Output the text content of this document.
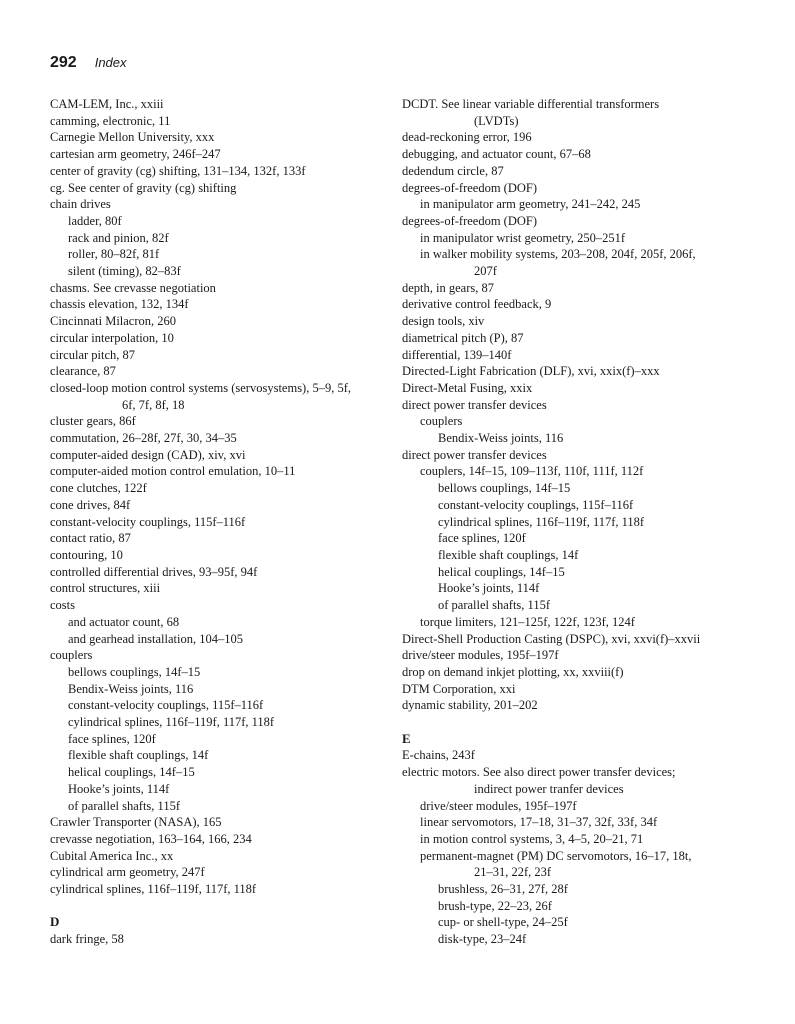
292 Index
CAM-LEM, Inc., xxiii
camming, electronic, 11
Carnegie Mellon University, xxx
cartesian arm geometry, 246f–247
center of gravity (cg) shifting, 131–134, 132f, 133f
cg. See center of gravity (cg) shifting
chain drives
ladder, 80f
rack and pinion, 82f
roller, 80–82f, 81f
silent (timing), 82–83f
chasms. See crevasse negotiation
chassis elevation, 132, 134f
Cincinnati Milacron, 260
circular interpolation, 10
circular pitch, 87
clearance, 87
closed-loop motion control systems (servosystems), 5–9, 5f,
6f, 7f, 8f, 18
cluster gears, 86f
commutation, 26–28f, 27f, 30, 34–35
computer-aided design (CAD), xiv, xvi
computer-aided motion control emulation, 10–11
cone clutches, 122f
cone drives, 84f
constant-velocity couplings, 115f–116f
contact ratio, 87
contouring, 10
controlled differential drives, 93–95f, 94f
control structures, xiii
costs
and actuator count, 68
and gearhead installation, 104–105
couplers
bellows couplings, 14f–15
Bendix-Weiss joints, 116
constant-velocity couplings, 115f–116f
cylindrical splines, 116f–119f, 117f, 118f
face splines, 120f
flexible shaft couplings, 14f
helical couplings, 14f–15
Hooke’s joints, 114f
of parallel shafts, 115f
Crawler Transporter (NASA), 165
crevasse negotiation, 163–164, 166, 234
Cubital America Inc., xx
cylindrical arm geometry, 247f
cylindrical splines, 116f–119f, 117f, 118f
D
dark fringe, 58
DCDT. See linear variable differential transformers
(LVDTs)
dead-reckoning error, 196
debugging, and actuator count, 67–68
dedendum circle, 87
degrees-of-freedom (DOF)
in manipulator arm geometry, 241–242, 245
degrees-of-freedom (DOF)
in manipulator wrist geometry, 250–251f
in walker mobility systems, 203–208, 204f, 205f, 206f,
207f
depth, in gears, 87
derivative control feedback, 9
design tools, xiv
diametrical pitch (P), 87
differential, 139–140f
Directed-Light Fabrication (DLF), xvi, xxix(f)–xxx
Direct-Metal Fusing, xxix
direct power transfer devices
couplers
Bendix-Weiss joints, 116
direct power transfer devices
couplers, 14f–15, 109–113f, 110f, 111f, 112f
bellows couplings, 14f–15
constant-velocity couplings, 115f–116f
cylindrical splines, 116f–119f, 117f, 118f
face splines, 120f
flexible shaft couplings, 14f
helical couplings, 14f–15
Hooke’s joints, 114f
of parallel shafts, 115f
torque limiters, 121–125f, 122f, 123f, 124f
Direct-Shell Production Casting (DSPC), xvi, xxvi(f)–xxvii
drive/steer modules, 195f–197f
drop on demand inkjet plotting, xx, xxviii(f)
DTM Corporation, xxi
dynamic stability, 201–202
E
E-chains, 243f
electric motors. See also direct power transfer devices;
indirect power tranfer devices
drive/steer modules, 195f–197f
linear servomotors, 17–18, 31–37, 32f, 33f, 34f
in motion control systems, 3, 4–5, 20–21, 71
permanent-magnet (PM) DC servomotors, 16–17, 18t,
21–31, 22f, 23f
brushless, 26–31, 27f, 28f
brush-type, 22–23, 26f
cup- or shell-type, 24–25f
disk-type, 23–24f
